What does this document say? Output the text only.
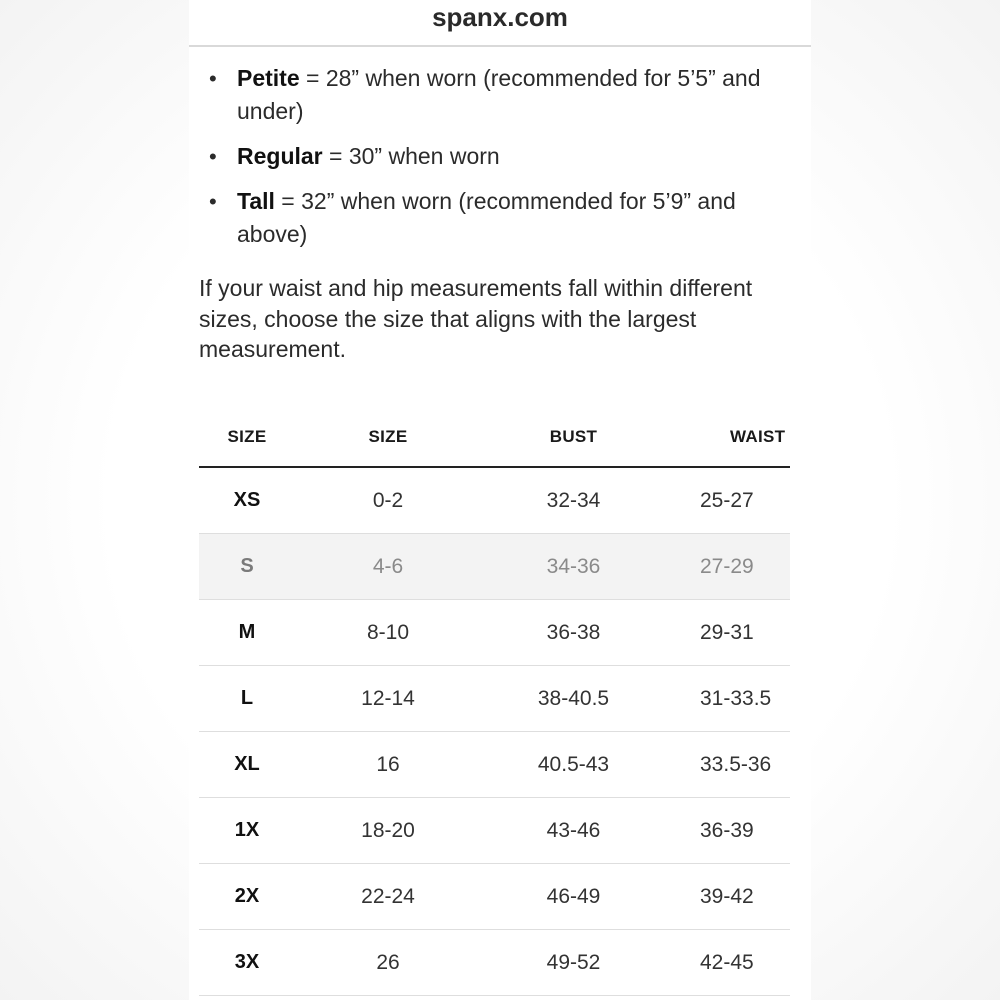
spanx.com
• Petite = 28” when worn (recommended for 5’5” and under)
• Regular = 30” when worn
• Tall = 32” when worn (recommended for 5’9” and above)

If your waist and hip measurements fall within different sizes, choose the size that aligns with the largest measurement.

SIZE	SIZE	BUST	WAIST
XS	0-2	32-34	25-27
S	4-6	34-36	27-29
M	8-10	36-38	29-31
L	12-14	38-40.5	31-33.5
XL	16	40.5-43	33.5-36
1X	18-20	43-46	36-39
2X	22-24	46-49	39-42
3X	26	49-52	42-45
